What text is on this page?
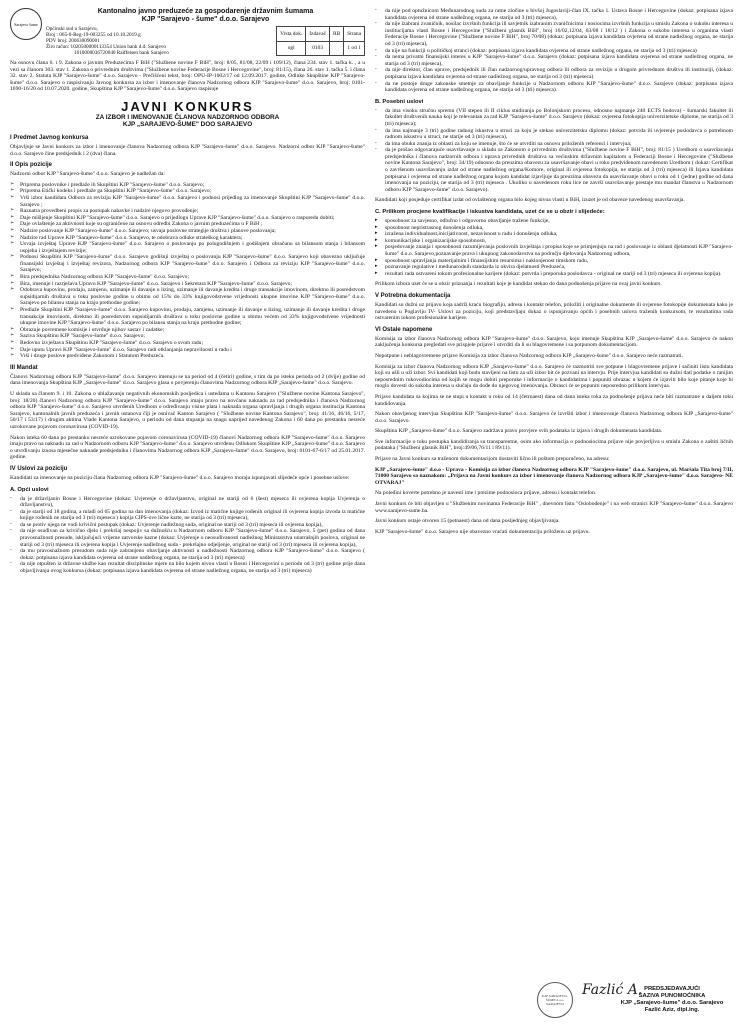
Sarajevo šume
Kantonalno javno preduzeće za gospodarenje državnim šumama
KJP "Sarajevo - šume" d.o.o. Sarajevo
Općinski sud u Sarajevu,
Broj : 065-0-Reg-19-003255 od 10.10.2019.g
PDV broj: 200630090001
Žiro račun: 1020500000113354 Union bank d.d. Sarajevo
1610000036720040 Raiffeisen bank Sarajevo
Vrsta dok.	Izdavač	RB	Strana
ogl	0103		1 od 1

Na osnovu člana 6. i 9. Zakona o javnim Preduzećima F BiH ("Službene novine F BiH", broj: 8/05, 81/08, 22/09 i 109/12), člana 234. stav 1. tačka k. , a u vezi sa članom 303. stav 1. Zakona o privrednim društvima ("Službene novine Federacije Bosne i Hercegovine", broj: 81/15), člana 26. stav 1. tačka 5. i člana 32. stav 2. Statuta KJP "Sarajevo-šume" d.o.o. Sarajevo - Prečišćeni tekst, broj: OPU-IP-1002/17 od 12.09.2017. godine, Odluke Skupštine KJP "Sarajevo-šume" d.o.o. Sarajevo o raspisivanju Javnog konkursa za izbor i imenovanje članova Nadzornog odbora KJP "Sarajevo-šume" d.o.o. Sarajevo, broj: 0101-1690-16/20 od 10.07.2020. godine, Skupština KJP "Sarajevo-šume" d.o.o. Sarajevo raspisuje

JAVNI KONKURS
ZA IZBOR I IMENOVANJE ČLANOVA NADZORNOG ODBORA
KJP „SARAJEVO-ŠUME" DOO SARAJEVO
I Predmet Javnog konkursa

Objavljuje se Javni konkurs za izbor i imenovanje članova Nadzornog odbora KJP "Sarajevo-šume" d.o.o. Sarajevo. Nadzorni odbor KJP "Sarajevo-šume" d.o.o. Sarajevo čine predsjednik i 2 (dva) člana.

II Opis pozicije

Nadzorni odbor KJP "Sarajevo-šume" d.o.o. Sarajevo je nadležan da:

➢ Priprema poslovnike i predlaže ih Skupštini KJP "Sarajevo-šume" d.o.o. Sarajevo;
➢ Priprema Etički kodeks i predlaže ga Skupštini KJP "Sarajevo-šume" d.o.o. Sarajevo;
➢ Vrši izbor kandidata Odbora za reviziju KJP "Sarajevo-šume" d.o.o. Sarajevo i podnosi prijedlog za imenovanje Skupštini KJP "Sarajevo-šume" d.o.o. Sarajevo ;
➢ Raznatra provedbeni propis za postupak nabavke i nadzire njegovo provođenje;
➢ Daje mišljenje Skupštini KJP "Sarajevo-šume" d.o.o. Sarajevo o prijedlogu Uprave KJP "Sarajevo-šume" d.o.o. Sarajevo o rasporedu dobiti;
➢ Daje ovlaštenje za aktivnosti koje su ograničene na osnovu odredbi Zakona o javnim preduzećima u F BiH ;
➢ Nadzire poslovanje KJP "Sarajevo-šume" d.o.o. Sarajevo; usvaja poslovne strategije društva i planove poslovanja;
➢ Nadzire rad Uprave KJP "Sarajevo-šume" d.o.o. Sarajevo, te odobrava odluke strateškog karaktera;
➢ Usvaja izvještaj Uprave KJP "Sarajevo-šume" d.o.o. Sarajevo o poslovanju po polugodišnjem i godišnjem obračunu sa bilansom stanja i bilansom uspjeha i izvještajem revizije;
➢ Podnosi Skupštini KJP "Sarajevo-šume" d.o.o. Sarajevo godišnji izvještaj o poslovanju KJP "Sarajevo-šume" d.o.o. Sarajevo koji obavezno uključuje finansijski izvještaj i izvještaj revizora, Nadzornog odbora KJP "Sarajevo-šume" d.o.o. Sarajevo i Odbora za reviziju KJP "Sarajevo-šume" d.o.o. Sarajevo;
➢ Bira predsjednika Nadzornog odbora KJP "Sarajevo-šume" d.o.o. Sarajevo;
➢ Bira, imenuje i razrješava Upravu KJP "Sarajevo-šume" d.o.o. Sarajevo i Sekretara KJP "Sarajevo-šume" d.o.o. Sarajevo;
➢ Odobrava kupovinu, prodaju, zamjenu, uzimanje ili davanje u lizing, uzimanje ili davanje kredita i druge transakcije imovinom, direktno ili posredstvom supsidijarnih društava u toku poslovne godine u obimu od 15% do 33% knjigovodstvene vrijednosti ukupne imovine KJP "Sarajevo-šume" d.o.o. Sarajevo po bilansu stanja na kraju prethodne godine;
➢ Predlaže Skupštini KJP "Sarajevo-šume" d.o.o. Sarajevo kupovinu, prodaju, zamjenu, uzimanje ili davanje u lizing, uzimanje ili davanje kredita i druge transakcije imovinom, direktno ili posredstvom supsidijarnih društava u toku poslovne godine u obimu većem od 33% knjigovodstvene vrijednosti ukupne imovine KJP "Sarajevo-šume" d.o.o. Sarajevo po bilansu stanja na kraju prethodne godine;
➢ Obrazuje povremene komisije i utvrđuje njihov sastav i zadatke;
➢ Saziva Skupštinu KJP "Sarajevo-šume" d.o.o. Sarajevo;
➢ Redovno izvještava Skupštinu KJP "Sarajevo-šume" d.o.o. Sarajevo o svom radu;
➢ Daje uputu Upravi KJP "Sarajevo-šume" d.o.o. Sarajevo radi otklanjanja nepravilnosti u radu i
➢ Vrši i druge poslove predviđene Zakonom i Statutom Preduzeća.
III Mandat

Članovi Nadzornog odbora KJP "Sarajevo-šume" d.o.o. Sarajevo imenuju se na period od 4 (četiri) godine, s tim da po isteku perioda od 2 (dvije) godine od dana imenovanja Skupština KJP „Sarajevo-šume" d.o.o. Sarajevo glasa o povjerenju članovima Nadzornog odbora KJP „Sarajevo-šume" d.o.o. Sarajevo.

U skladu sa članom 9. i 10. Zakona o ublažavanju negativnih ekonomskih posljedica i usteđama u Kantonu Sarajevo ("Službene novine Kantona Sarajevo", broj: 18/20) članovi Nadzornog odbora KJP "Sarajevo-šume" d.o.o. Sarajevo imaju pravo na novčanu naknadu za rad predsjednika i članova Nadzornog odbora KJP "Sarajevo-šume" d.o.o. Sarajevo utvrđenih Uredbom o određivanju visine plata i naknada organa upravljanja i drugih organa institucija Kantona Sarajevo, kantonalnih javnih preduzeća i javnih ustanova čiji je osnivač Kanton Sarajevo ( "Službene novine Kantona Sarajevo", broj: 41/16, 46/16, 5/17, 50/17 i 53/17) i drugim aktima Vlade Kantona Sarajevo, u periodu od dana stupanja na snagu naprijed navedenog Zakona i 60 dana po prestanku nesreće uzrokovane pojavom coronavirusa (COVID-19).

Nakon isteka 60 dana po prestanku nesreće uzrokovane pojavom coronavirusa (COVID-19) članovi Nadzornog odbora KJP "Sarajevo-šume" d.o.o. Sarajevo imaju pravo na naknadu za rad u Nadzornom odboru KJP "Sarajevo-šume" d.o.o. Sarajevo utvrđenu Odlukom Skupštine KJP „Sarajevo-šume" d.o.o. Sarajevo o utvrđivanju iznosa mjesečne naknade predsjedniku i članovima Nadzornog odbora KJP „Sarajevo-šume" d.o.o. Sarajevo, broj: 0101-67-6/17 od 25.01.2017. godine.

IV Uslovi za poziciju

Kandidati za imenovanje na poziciju člana Nadzornog odbora KJP "Sarajevo-šume" d.o.o. Sarajevo moraju ispunjavati slijedeće opće i posebne uslove:

A. Opći uslovi
- da je državljanin Bosne i Hercegovine (dokaz: Uvjerenje o državljanstvu, original ne stariji od 6 (šest) mjeseca ili ovjerena kopija Uvjerenja o državljanstvu),
- da je stariji od 18 godina, a mlađi od 65 godina na dan imenovanja (dokaz: Izvod iz matične knjige rođenih original ili ovjerena kopija izvoda iz matične knjige rođenih ne starija od 3 (tri) mjeseca ) kopija CIPS-ove lične karte, ne starija od 3 (tri) mjeseca),
- da se protiv njega ne vodi krivični postupak (dokaz: Uvjerenje nadležnog suda, original ne stariji od 3 (tri) mjeseca ili ovjerena kopija),
- da nije osuđivan za krivično djelo i prekršaj nespojiv sa dužnošću u Nadzornom odboru KJP "Sarajevo-šume" d.o.o. Sarajevo, 5 (pet) godina od dana pravosnažnosti presude, isključujući vrijeme zatvorske kazne (dokaz: Uvjerenje o neosuđivanosti nadležnog Ministarstva unutrašnjih poslova, original ne stariji od 3 (tri) mjeseca ili ovjerena kopija i Uvjerenje nadležnog suda - prekršajno odjeljenje, original ne stariji od 3 (tri) mjeseca ili ovjerena kopija),
- da mu pravosnažnom presudom suda nije zabranjeno obavljanje aktivnosti u nadležnosti Nadzornog odbora KJP "Sarajevo-šume" d.o.o. Sarajevo ( dokaz: potpisana izjava kandidata ovjerena od strane nadležnog organa, ne starija od 3 (tri) mjeseca)
- da nije otpušten iz državne službe kao rezultat disciplinske mjere na bilo kojem nivou vlasti u Bosni i Hercegovini u periodu od 3 (tri) godine prije dana objavljivanja ovog konkursa (dokaz: potpisana izjava kandidata ovjerena od strane nadležnog organa, ne starija od 3 (tri) mjeseca)
- da nije pod optužnicom Međunarodnog suda za ratne zločine u bivšoj Jugoslaviji-član IX. tačka 1. Ustava Bosne i Hercegovine (dokaz: potpisana izjava kandidata ovjerena od strane nadležnog organa, ne starija od 3 (tri) mjeseca),
- da nije izabrani zvaničnik, nosilac izvršnih funkcija ili savjetnik izabranim zvaničnicima i nosiocima izvršnih funkcija u smislu Zakona o sukobu interesa u institucijama vlasti Bosne i Hercegovine ("Službeni glasnik BiH", broj 16/02,12/04, 63/08 i 18/12 ) i Zakona o sukobu interesa u organima vlasti Federacije Bosne i Hercegovine ("Službene novine F BiH", broj 70/08) (dokaz: potpisana izjava kandidata ovjerena od strane nadležnog organa, ne starija od 3 (tri) mjeseca),
- da nije na funkciji u političkoj stranci (dokaz: potpisana izjava kandidata ovjerena od strane nadležnog organa, ne starija od 3 (tri) mjeseca)
- da nema privatni finansijski interes u KJP "Sarajevo-šume" d.o.o. Sarajevo (dokaz: potpisana izjava kandidata ovjerena od strane nadležnog organa, ne starija od 3 (tri) mjeseca),
- da nije direktor, član uprave, predsjednik ili član nadzornog/upravnog odbora ili odbora za reviziju u drugom privrednom društvu ili instituciji, (dokaz: potpisana izjava kandidata ovjerena od strane nadležnog organa, ne starija od 3 (tri) mjeseca)
- da ne postoje druge zakonske smetnje za obavljanje funkcije u Nadzornom odboru KJP "Sarajevo-šume" d.o.o. Sarajevo (dokaz: potpisana izjava kandidata ovjerena od strane nadležnog organa, ne starija od 3 (tri) mjeseca).
B. Posebni uslovi
- da ima visoku stručnu spremu (VII stepen ili II ciklus studiranja po Bolonjskom procesu, odnosno najmanje 240 ECTS bodova) - šumarski fakultet ili fakultet društvenih nauka koji je relevantan za rad KJP "Sarajevo-šume" d.o.o. Sarajevo (dokaz: ovjerena fotokopija univerzitetske diplome, ne starija od 3 (tri) mjeseca);
- da ima najmanje 3 (tri) godine radnog iskustva u struci za koju je stekao univerzitetsku diplomu (dokaz: potvrda ili uvjerenje poslodavca o potrebnom radnom iskustvu u struci, ne starije od 3 (tri) mjeseca),
- da ima obuku znanja iz oblasti za koju se imenuje, što će se utvrditi na osnovu priloženih referenci i intervjua;
- da je prošao odgovarajuće usavršavanje u skladu sa Zakonom o privrednim društvima ("Službene novine F BiH", broj: 81/15 ) Uredbom o usavršavanju predsjednika i članova nadzornih odbora i uprava privrednih društava sa većinskim državnim kapitalom u Federaciji Bosne i Hercegovine ("Službene novine Kantona Sarajevo", broj: 34/19) odnosno da preuzima obavezu za usavršavanje obavi u roku predviđenom navedenom Uredbom ( dokaz: Certifikat o završenom usavršavanju izdat od strane nadležnog organa/Komore, original ili ovjerena fotokopija, ne starija od 3 (tri) mjeseca) ili Izjava kandidata potpisana i ovjerena od strane nadležnog organa kojom kandidat izjavljuje da preuzima obavezu da usavršavanje obavi u roku od 1 (jedne) godine od dana imenovanja na poziciju, ne starija od 3 (tri) mjeseca . Ukoliko u navedenom roku lice ne završi usavršavanje prestaje mu mandat članstva u Nadzornom odboru KJP "Sarajevo-šume" d.o.o. Sarajevo).

Kandidati koji posjeduje certifikat izdat od ovlaštenog organa bilo kojeg nivoa vlasti u BiH, izuzet je od obaveze navedenog usavršavanja.

C. Prilikom procjene kvalifikacije i iskustva kandidata, uzet će se u obzir i slijedeće:
▸ sposobnost za savjesno, odlučno i odgovorno obavljanje traženе funkcije,
▸ sposobnost nepristrasnog donošenja odluka,
▸ izražena individualnost,inicijativnost, nezavisnost u radu i donošenju odluka,
▸ komunikacijske i organizacijske sposobnosti,
▸ posjedovanje znanja i sposobnosti razumijevanja poslovnih izvještaja i propisa koje se primjenjuju na rad i poslovanje iz oblasti djelatnosti KJP "Sarajevo-šume" d.o.o. Sarajevo,poznavanje prava i ukupnog zakonodavstva na području djelovanja Nadzornog odbora,
▸ sposobnost upravljanja materijalnim i finansijskim resursima i naklonjenost timskom radu,
▸ poznavanje regulative i međunarodnih standarda iz okvira djelatnosti Preduzeća,
▸ rezultati rada ostvareni tokom profesionalne karijere (dokaz: potvrda i preporuka poslodavca - original ne stariji od 3 (tri) mjeseca ili ovjerena kopija).

Prilikom izbora uzet će se u obzir priznanja i rezultati koje je kandidat stekao do dana podnošenja prijave na ovaj javni konkurs.

V Potrebna dokumentacija

Kandidati su dužni uz prijavu koja sadrži kraću biografiju, adresu i kontakt telefon, priložiti i originalne dokumente ili ovjerene fotokopije dokumenata kako je navedeno u Poglavlju IV- Uslovi za poziciju, koji predstavljaju dokaz o ispunjavanju općih i posebnih uslova traženih konkursom, te rezultatima rada ostvarenim tokom profesionalne karijere.

VI Ostale napomene

Komisija za izbor članova Nadzornog odbora KJP "Sarajevo-šume" d.o.o. Sarajevo, koju imenuje Skupština KJP „Sarajevo-šume" d.o.o. Sarajevo će nakon zaključenja konkursa pregledati sve prispjele prijave i utvrditi da li su blagovremene i sa potpunom dokumentacijom.

Nepotpune i neblagovremene prijave Komisija za izbor članova Nadzornog odbora KJP „Sarajevo-šume" d.o.o. Sarajevo neće razmatrati.

Komisija za izbor članova Nadzornog odbora KJP „Sarajevo-šume" d.o.o. Sarajevo će razmotriti sve potpune i blagovremene prijave i sačiniti listu kandidata koji su ušli u uži izbor. Svi kandidati koji budu stavljeni na listu za uži izbor bit će pozvani na intervju. Prije intervjua kandidati su dužni dati podatke o ranijim neposrednim rukovodiocima od kojih se mogu dobiti preporuke i informacije o kandidatima i popuniti obrazac u kojem će izjaviti bilo koje pitanje koje bi moglo dovesti do sukoba interesa u slučaju da dođe do njegovog imenovanja. Obrasci će se popuniti neposredno prilikom intervjua.

Prijave kandidata sa kojima se ne stupi u kontakt u roku od 14 (četrnaest) dana od dana isteka roka za podnošenje prijava neće biti razmatrane u daljem toku kandidovanja.

Nakon obavljenog intervjua Skupština KJP "Sarajevo-šume" d.o.o. Sarajevo će izvršiti izbor i imenovanje članova Nadzornog odbora KJP „Sarajevo-šume" d.o.o. Sarajevo.

Skupština KJP „Sarajevo-šume" d.o.o. Sarajevo zadržava pravo provjere svih podataka iz izjava i drugih dokumenata kandidata.

Sve informacije o toku postupka kandidiranja su transparentne, osim ako informacija o podnosiocima prijave nije povjerljiva u smislu Zakona o zaštiti ličnih podataka ("Službeni glasnik BiH", broj:49/06,76/11 i 89/11).

Prijave na Javni konkurs sa traženom dokumentacijom dostaviti lično ili poštom preporučeno, na adresu:

KJP „Sarajevo-šume" d.o.o - Uprava - Komisija za izbor članova Nadzornog odbora KJP "Sarajevo-šume" d.o.o. Sarajevo, ul. Maršala Tita broj 7/II, 71000 Sarajevo sa naznakom: „Prijava na Javni konkurs za izbor i imenovanje članova Nadzornog odbora KJP „Sarajevo-šume" d.o.o. Sarajevo- NE OTVARAJ"

Na poleđini koverte potrebno je navesti ime i prezime podnosioca prijave, adresu i kontakt telefon.

Javni konkurs će biti objavljen u "Službenim novinama Federacije BiH" , dnevnom listu "Oslobođenje" i na web stranici KJP "Sarajevo-šume" d.o.o. Sarajevo www.sarajevo-sume.ba.

Javni konkurs ostaje otvoren 15 (petnaest) dana od dana posljednjeg objavljivanja.

KJP "Sarajevo-šume" d.o.o. Sarajevo nije obavezno vraćati dokumentaciju priloženu uz prijavu.

KJP SARAJEVO-ŠUME d.o.o. SARAJEVO
Fazlić A. PREDSJEDAVAJUĆI
SAZIVA PUNOMOĆNIKA
KJP „Sarajevo-šume" d.o.o. Sarajevo
Fazlić Aziz, dipl.ing.
